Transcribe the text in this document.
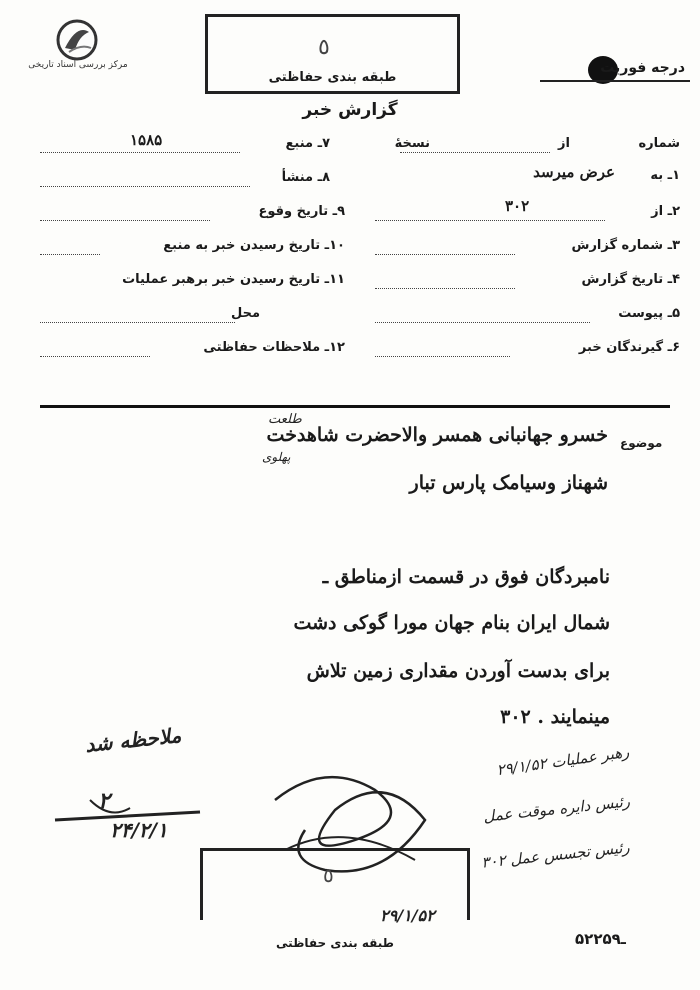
مرکز بررسی اسناد تاریخی
٥
طبقه بندی حفاظتی
درجه فوریت
گزارش خبر
شماره
از
نسخهٔ
۱ـ به
عرض میرسد
۲ـ از
۳۰۲
۳ـ شماره گزارش
۴ـ تاریخ گزارش
۵ـ پیوست
۶ـ گیرندگان خبر
۷ـ منبع
۱۵۸۵
۸ـ منشأ
۹ـ تاریخ وقوع
۱۰ـ تاریخ رسیدن خبر به منبع
۱۱ـ تاریخ رسیدن خبر برهبر عملیات
محل
۱۲ـ ملاحظات حفاظتی
موضوع
خسرو جهانبانی همسر والاحضرت شاهدخت
طلعت
پهلوی
شهناز وسیامک پارس تبار
نامبردگان فوق در قسمت ازمناطق ـ
شمال ایران بنام جهان مورا گوکی دشت
برای بدست آوردن مقداری زمین تلاش
مینمایند . ۳۰۲
ملاحظه شد
۲
۲۴/۲/۱
رهبر عملیات ۲۹/۱/۵۲
رئیس دایره موقت عمل
رئیس تجسس عمل ۳۰۲
٥
۲۹/۱/۵۲
طبقه بندی حفاظتی	۵۲ـ۲۵۹
